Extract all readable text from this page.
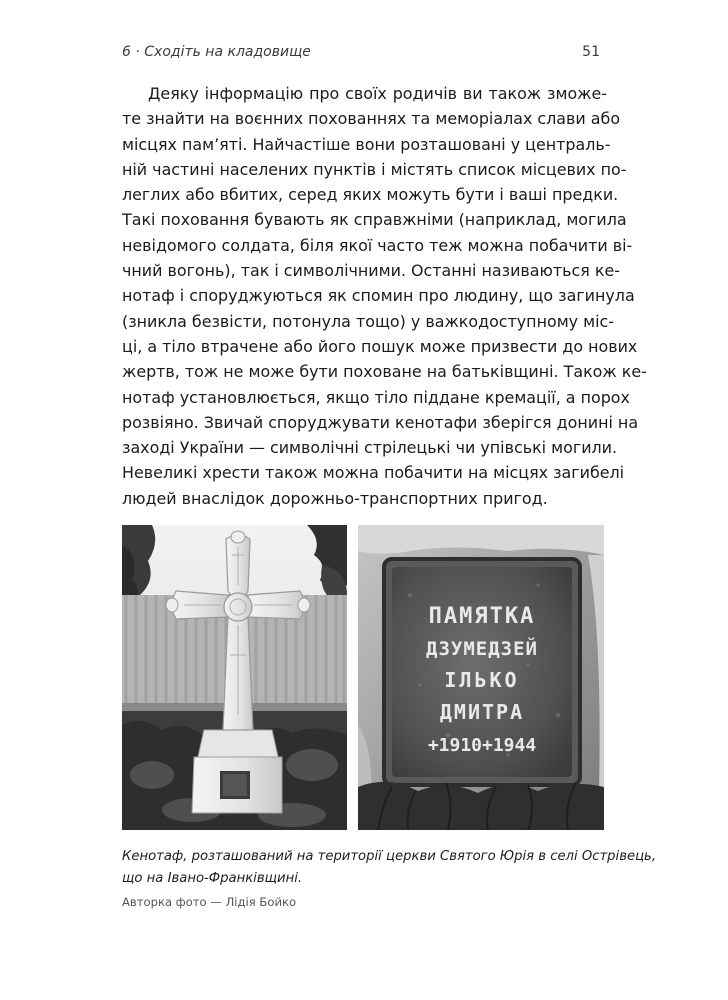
6 · Сходіть на кладовище	51
Деяку інформацію про своїх родичів ви також зможе-
те знайти на воєнних похованнях та меморіалах слави або
місцях пам’яті. Найчастіше вони розташовані у централь-
ній частині населених пунктів і містять список місцевих по-
леглих або вбитих, серед яких можуть бути і ваші предки.
Такі поховання бувають як справжніми (наприклад, могила
невідомого солдата, біля якої часто теж можна побачити ві-
чний вогонь), так і символічними. Останні називаються ке-
нотаф і споруджуються як спомин про людину, що загинула
(зникла безвісти, потонула тощо) у важкодоступному міс-
ці, а тіло втрачене або його пошук може призвести до нових
жертв, тож не може бути поховане на батьківщині. Також ке-
нотаф установлюється, якщо тіло піддане кремації, а порох
розвіяно. Звичай споруджувати кенотафи зберігся донині на
заході України — символічні стрілецькі чи упівські могили.
Невеликі хрести також можна побачити на місцях загибелі
людей внаслідок дорожньо-транспортних пригод.
ПАМЯТКА
ДЗУМЕДЗЕЙ
ІЛЬКО
ДМИТРА
+1910+1944
Кенотаф, розташований на території церкви Святого Юрія в селі Острівець,
що на Івано-Франківщині.
Авторка фото — Лідія Бойко
